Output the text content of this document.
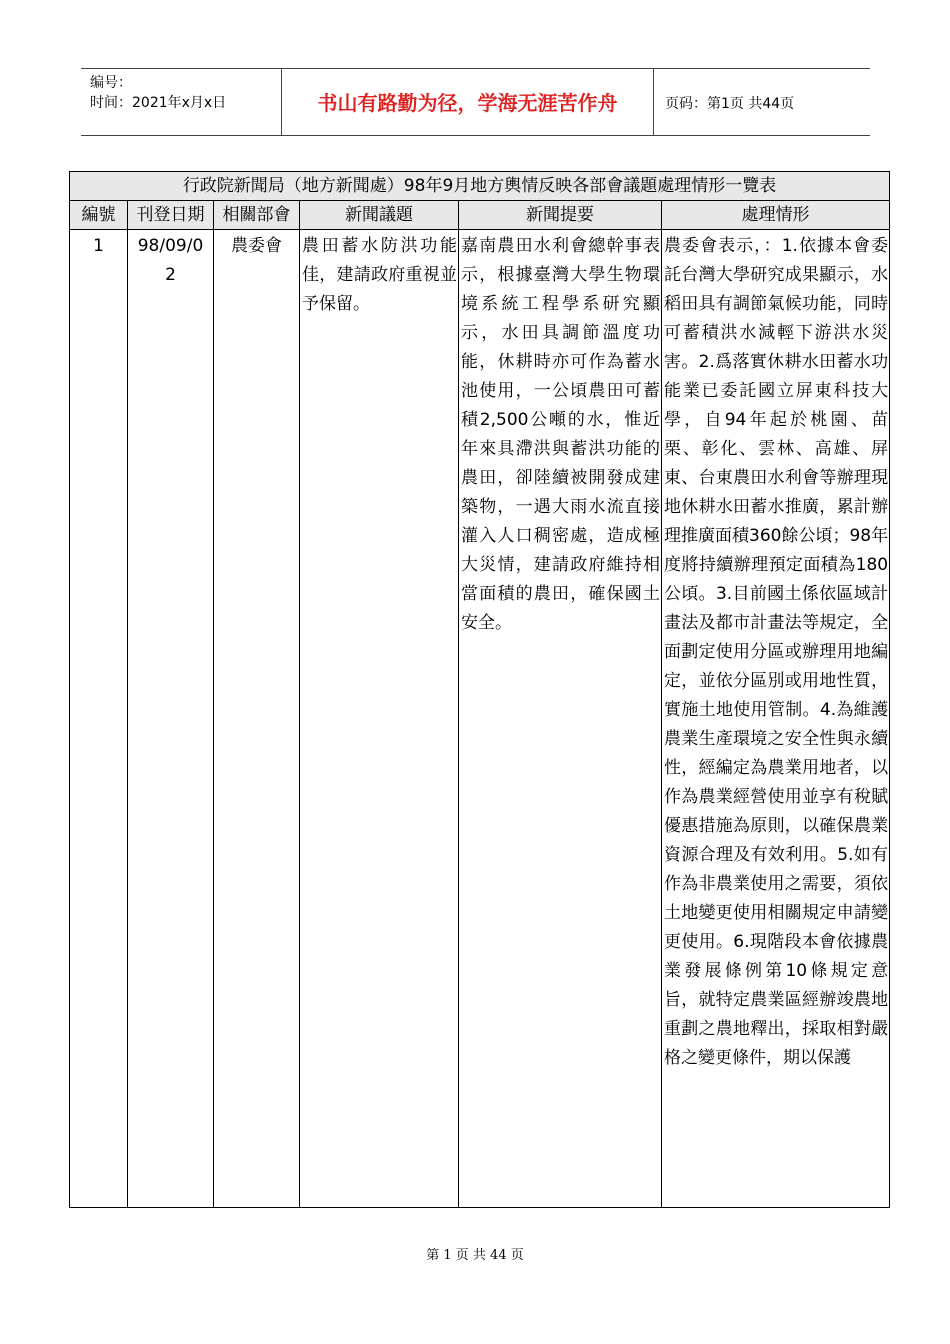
编号：
时间：2021年x月x日	书山有路勤为径，学海无涯苦作舟	页码：第1页 共44页
行政院新聞局（地方新聞處）98年9月地方輿情反映各部會議題處理情形一覽表					
編號	刊登日期	相關部會	新聞議題	新聞提要	處理情形
1	98/09/02	農委會	農田蓄水防洪功能佳，建請政府重視並予保留。	嘉南農田水利會總幹事表示，根據臺灣大學生物環境系統工程學系研究顯示，水田具調節溫度功能，休耕時亦可作為蓄水池使用，一公頃農田可蓄積2,500公噸的水，惟近年來具滯洪與蓄洪功能的農田，卻陸續被開發成建築物，一遇大雨水流直接灌入人口稠密處，造成極大災情，建請政府維持相當面積的農田，確保國土安全。	農委會表示，：1.依據本會委託台灣大學研究成果顯示，水稻田具有調節氣候功能，同時可蓄積洪水減輕下游洪水災害。2.爲落實休耕水田蓄水功能業已委託國立屏東科技大學，自94年起於桃園、苗栗、彰化、雲林、高雄、屏東、台東農田水利會等辦理現地休耕水田蓄水推廣，累計辦理推廣面積360餘公頃；98年度將持續辦理預定面積為180公頃。3.目前國土係依區域計畫法及都市計畫法等規定，全面劃定使用分區或辦理用地編定，並依分區別或用地性質，實施土地使用管制。4.為維護農業生產環境之安全性與永續性，經編定為農業用地者，以作為農業經營使用並享有稅賦優惠措施為原則，以確保農業資源合理及有效利用。5.如有作為非農業使用之需要，須依土地變更使用相關規定申請變更使用。6.現階段本會依據農業發展條例第10條規定意旨，就特定農業區經辦竣農地重劃之農地釋出，採取相對嚴格之變更條件，期以保護
第 1 页 共 44 页
